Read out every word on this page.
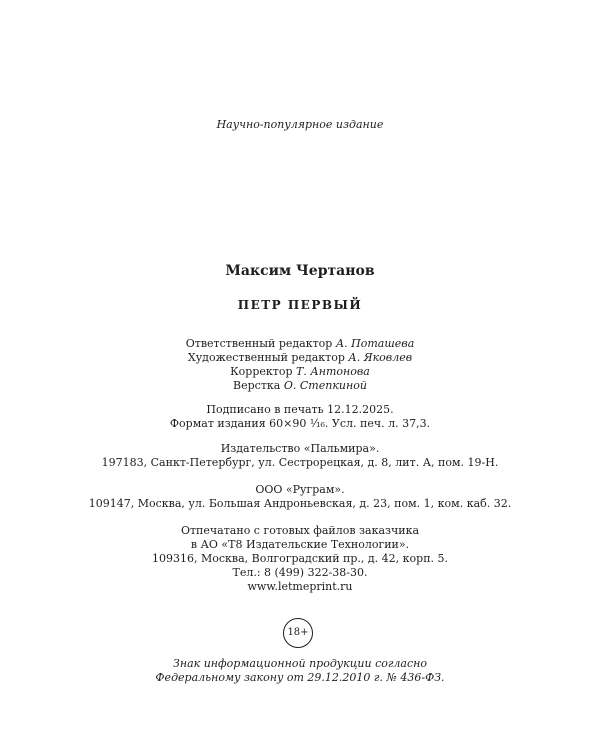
Научно-популярное издание

Максим Чертанов

ПЕТР ПЕРВЫЙ

Ответственный редактор А. Поташева

Художественный редактор А. Яковлев

Корректор Т. Антонова

Верстка О. Степкиной

Подписано в печать 12.12.2025.

Формат издания 60×90 ¹⁄₁₆. Усл. печ. л. 37,3.

Издательство «Пальмира».

197183, Санкт-Петербург, ул. Сестрорецкая, д. 8, лит. А, пом. 19-Н.

ООО «Руграм».

109147, Москва, ул. Большая Андроньевская, д. 23, пом. 1, ком. каб. 32.

Отпечатано с готовых файлов заказчика

в АО «Т8 Издательские Технологии».

109316, Москва, Волгоградский пр., д. 42, корп. 5.

Тел.: 8 (499) 322-38-30.

www.letmeprint.ru

18+

Знак информационной продукции согласно

Федеральному закону от 29.12.2010 г. № 436-ФЗ.
